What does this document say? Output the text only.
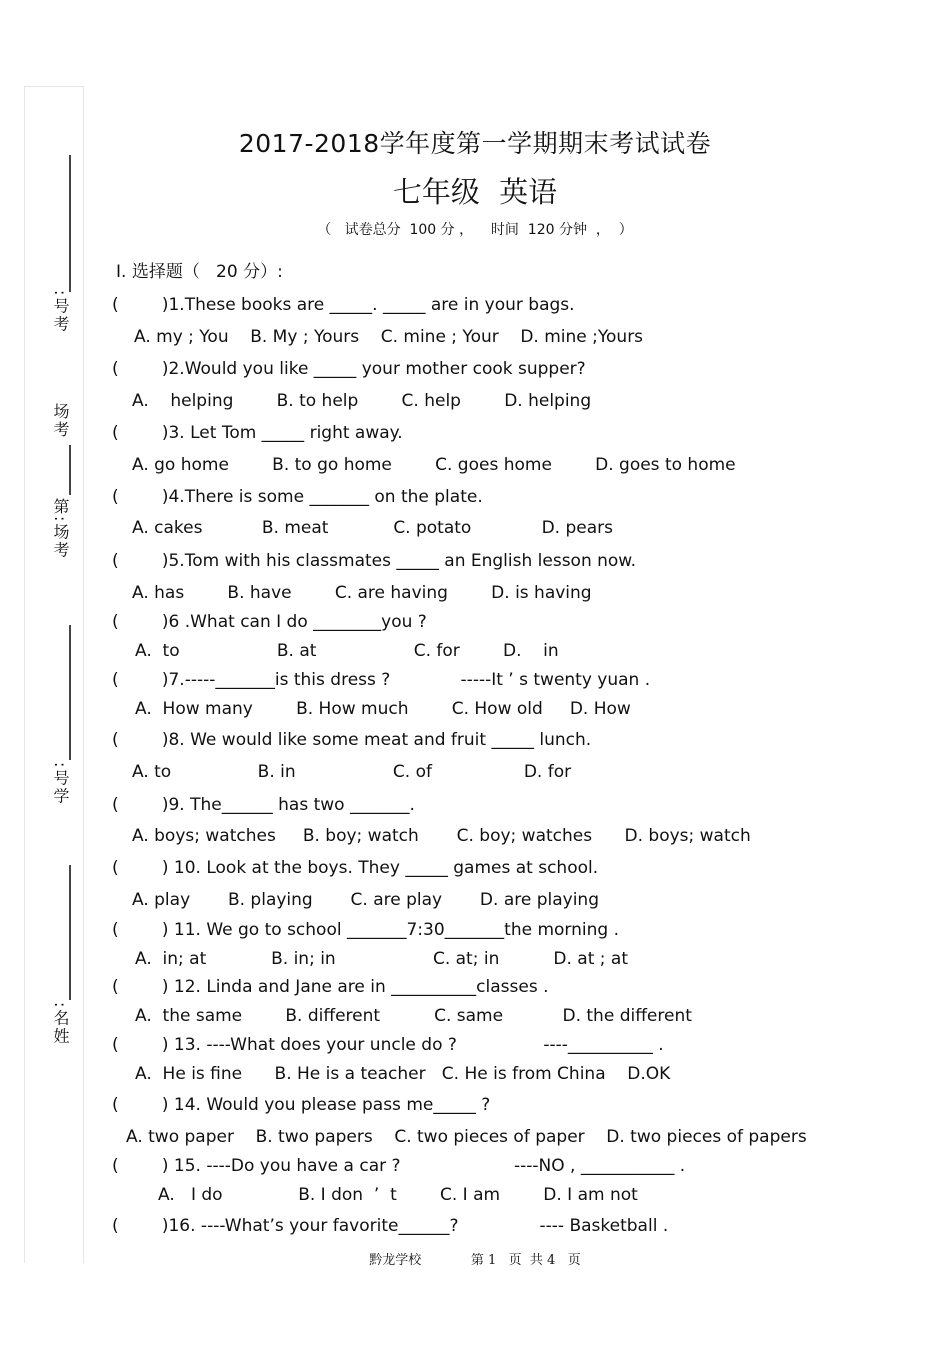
:号考
场考
第:场考
:号学
:名姓
2017-2018学年度第一学期期末考试试卷
七年级 英语
（   试卷总分  100 分 ，    时间  120 分钟  ，  ）
Ⅰ. 选择题（   20 分）:
(        )1.These books are _____. _____ are in your bags.
A. my ; You    B. My ; Yours    C. mine ; Your    D. mine ;Yours
(        )2.Would you like _____ your mother cook supper?
A.    helping        B. to help        C. help        D. helping
(        )3. Let Tom _____ right away.
A. go home        B. to go home        C. goes home        D. goes to home
(        )4.There is some _______ on the plate.
A. cakes           B. meat            C. potato             D. pears
(        )5.Tom with his classmates _____ an English lesson now.
A. has        B. have        C. are having        D. is having
(        )6 .What can I do ________you ?
A.  to                  B. at                  C. for        D.    in
(        )7.-----_______is this dress ?             -----It ’ s twenty yuan .
A.  How many        B. How much        C. How old     D. How
(        )8. We would like some meat and fruit _____ lunch.
A. to                B. in                  C. of                 D. for
(        )9. The______ has two _______.
A. boys; watches     B. boy; watch       C. boy; watches      D. boys; watch
(        ) 10. Look at the boys. They _____ games at school.
A. play       B. playing       C. are play       D. are playing
(        ) 11. We go to school _______7:30_______the morning .
A.  in; at            B. in; in                  C. at; in          D. at ; at
(        ) 12. Linda and Jane are in __________classes .
A.  the same        B. different          C. same           D. the different
(        ) 13. ----What does your uncle do ?                ----__________ .
A.  He is fine      B. He is a teacher   C. He is from China    D.OK
(        ) 14. Would you please pass me_____ ?
A. two paper    B. two papers    C. two pieces of paper    D. two pieces of papers
(        ) 15. ----Do you have a car ?                     ----NO , ___________ .
A.   I do              B. I don  ’  t        C. I am        D. I am not
(        )16. ----What’s your favorite______?               ---- Basketball .
黔龙学校            第 1   页  共 4   页
